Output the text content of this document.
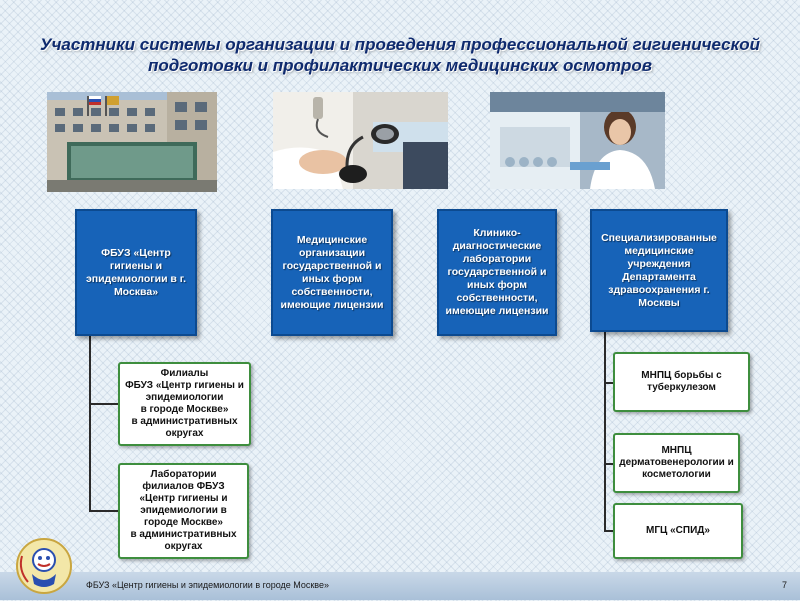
Участники системы организации и проведения профессиональной гигиенической подготовки и профилактических медицинских осмотров
ФБУЗ «Центр гигиены и эпидемиологии в г. Москва»
Медицинские организации государственной и иных форм собственности, имеющие лицензии
Клинико-диагностические лаборатории государственной и иных форм собственности, имеющие лицензии
Специализированные медицинские учреждения Департамента здравоохранения г. Москвы
Филиалы
ФБУЗ «Центр гигиены и эпидемиологии
в городе Москве»
в административных округах
Лаборатории
филиалов ФБУЗ
«Центр гигиены и эпидемиологии в городе Москве»
в административных округах
МНПЦ борьбы с туберкулезом
МНПЦ дерматовенерологии и косметологии
МГЦ «СПИД»
ФБУЗ «Центр гигиены и эпидемиологии в городе Москве»	7
